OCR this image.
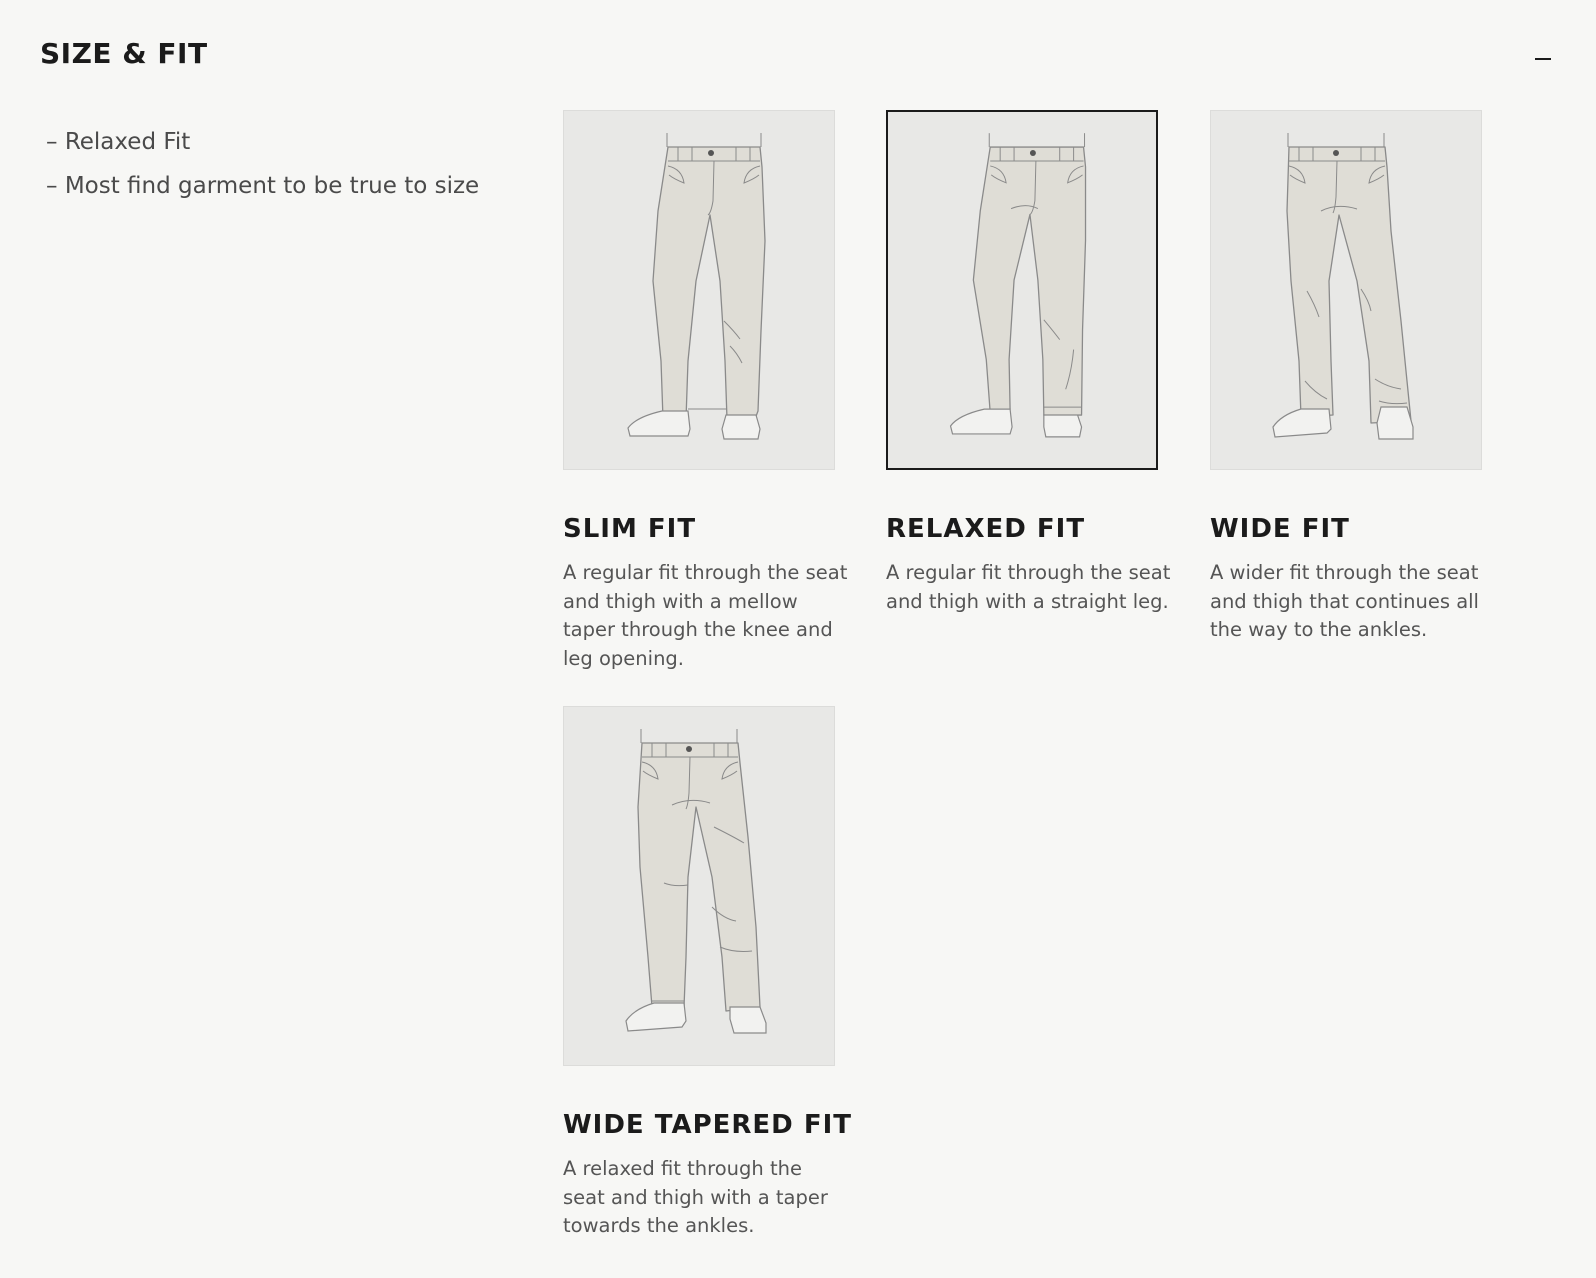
SIZE & FIT
– Relaxed Fit
– Most find garment to be true to size
SLIM FIT

A regular fit through the seat and thigh with a mellow taper through the knee and leg opening.

RELAXED FIT

A regular fit through the seat and thigh with a straight leg.

WIDE FIT

A wider fit through the seat and thigh that continues all the way to the ankles.

WIDE TAPERED FIT

A relaxed fit through the seat and thigh with a taper towards the ankles.
